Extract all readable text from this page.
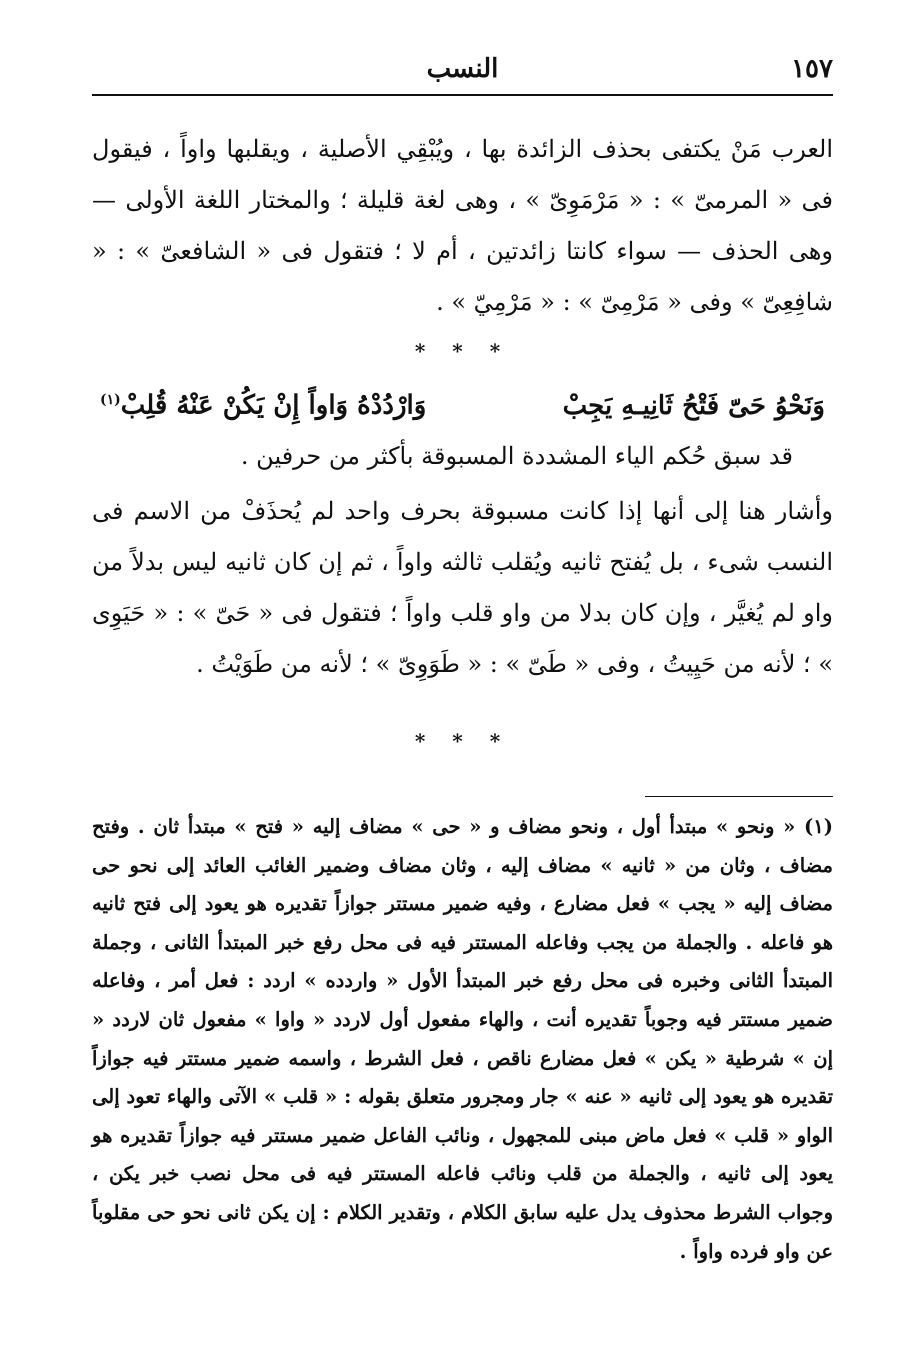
١٥٧
النسب

العرب مَنْ يكتفى بحذف الزائدة بها ، ويُبْقِي الأصلية ، ويقلبها واواً ، فيقول فى « المرمىّ » : « مَرْمَوِىّ » ، وهى لغة قليلة ؛ والمختار اللغة الأولى — وهى الحذف — سواء كانتا زائدتين ، أم لا ؛ فتقول فى « الشافعىّ » : « شافِعِىّ » وفى « مَرْمِىّ » : « مَرْمِيّ » .

* * *
وَنَحْوُ حَىّ فَتْحُ ثَانِيـهِ يَجِبْ
وَارْدُدْهُ وَاواً إِنْ يَكُنْ عَنْهُ قُلِبْ$^{(١)}$

قد سبق حُكم الياء المشددة المسبوقة بأكثر من حرفين .

وأشار هنا إلى أنها إذا كانت مسبوقة بحرف واحد لم يُحذَفْ من الاسم فى النسب شىء ، بل يُفتح ثانيه ويُقلب ثالثه واواً ، ثم إن كان ثانيه ليس بدلاً من واو لم يُغيَّر ، وإن كان بدلا من واو قلب واواً ؛ فتقول فى « حَىّ » : « حَيَوِى » ؛ لأنه من حَيِيتُ ، وفى « طَىّ » : « طَوَوِىّ » ؛ لأنه من طَوَيْتُ .

* * *

(١) « ونحو » مبتدأ أول ، ونحو مضاف و « حى » مضاف إليه « فتح » مبتدأ ثان . وفتح مضاف ، وثان من « ثانيه » مضاف إليه ، وثان مضاف وضمير الغائب العائد إلى نحو حى مضاف إليه « يجب » فعل مضارع ، وفيه ضمير مستتر جوازاً تقديره هو يعود إلى فتح ثانيه هو فاعله . والجملة من يجب وفاعله المستتر فيه فى محل رفع خبر المبتدأ الثانى ، وجملة المبتدأ الثانى وخبره فى محل رفع خبر المبتدأ الأول « واردده » اردد : فعل أمر ، وفاعله ضمير مستتر فيه وجوباً تقديره أنت ، والهاء مفعول أول لاردد « واوا » مفعول ثان لاردد « إن » شرطية « يكن » فعل مضارع ناقص ، فعل الشرط ، واسمه ضمير مستتر فيه جوازاً تقديره هو يعود إلى ثانيه « عنه » جار ومجرور متعلق بقوله : « قلب » الآتى والهاء تعود إلى الواو « قلب » فعل ماض مبنى للمجهول ، ونائب الفاعل ضمير مستتر فيه جوازاً تقديره هو يعود إلى ثانيه ، والجملة من قلب ونائب فاعله المستتر فيه فى محل نصب خبر يكن ، وجواب الشرط محذوف يدل عليه سابق الكلام ، وتقدير الكلام : إن يكن ثانى نحو حى مقلوباً عن واو فرده واواً .
